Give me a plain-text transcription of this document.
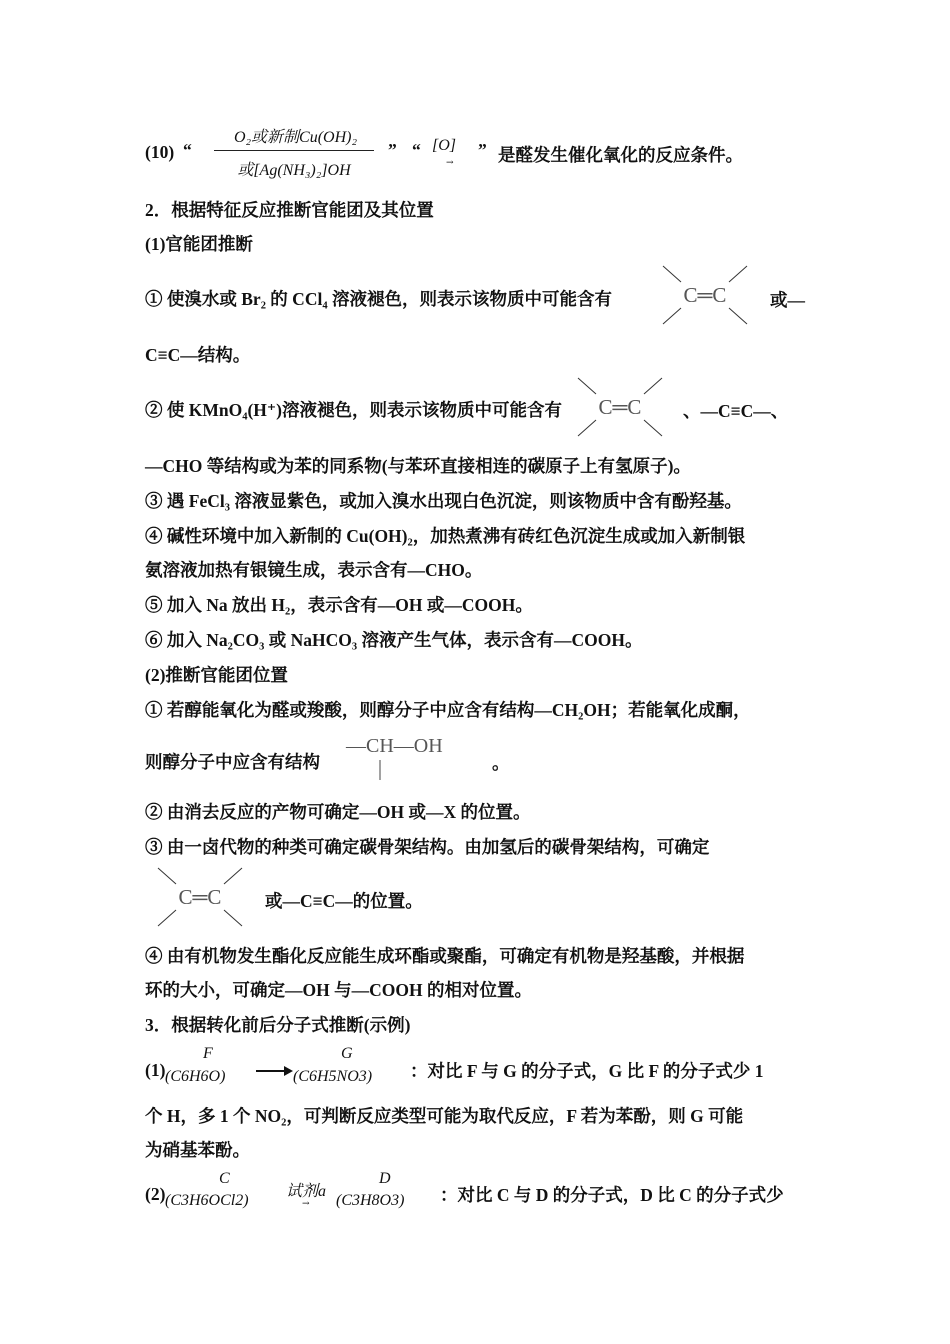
(10) “
O₂或新制Cu(OH)₂
或[Ag(NH₃)₂]OH
” “ [O]
→
” 是醛发生催化氧化的反应条件。
2．根据特征反应推断官能团及其位置
(1)官能团推断
① 使溴水或 Br₂ 的 CCl₄ 溶液褪色，则表示该物质中可能含有	C═C 或—
C≡C—结构。
② 使 KMnO₄(H⁺)溶液褪色，则表示该物质中可能含有 C═C 、—C≡C—、
—CHO 等结构或为苯的同系物(与苯环直接相连的碳原子上有氢原子)。
③ 遇 FeCl₃ 溶液显紫色，或加入溴水出现白色沉淀，则该物质中含有酚羟基。
④ 碱性环境中加入新制的 Cu(OH)₂，加热煮沸有砖红色沉淀生成或加入新制银
氨溶液加热有银镜生成，表示含有—CHO。
⑤ 加入 Na 放出 H₂，表示含有—OH 或—COOH。
⑥ 加入 Na₂CO₃ 或 NaHCO₃ 溶液产生气体，表示含有—COOH。
(2)推断官能团位置
① 若醇能氧化为醛或羧酸，则醇分子中应含有结构—CH₂OH；若能氧化成酮，
则醇分子中应含有结构
—CH—OH
。
② 由消去反应的产物可确定—OH 或—X 的位置。
③ 由一卤代物的种类可确定碳骨架结构。由加氢后的碳骨架结构，可确定
C═C 或—C≡C—的位置。
④ 由有机物发生酯化反应能生成环酯或聚酯，可确定有机物是羟基酸，并根据
环的大小，可确定—OH 与—COOH 的相对位置。
3．根据转化前后分子式推断(示例)
(1)
F
(C6H6O)
G
(C6H5NO3) ：对比 F 与 G 的分子式，G 比 F 的分子式少 1
个 H，多 1 个 NO₂，可判断反应类型可能为取代反应，F 若为苯酚，则 G 可能
为硝基苯酚。
(2)
C
(C3H6OCl2)
试剂a
→
D
(C3H8O3) ：对比 C 与 D 的分子式，D 比 C 的分子式少
